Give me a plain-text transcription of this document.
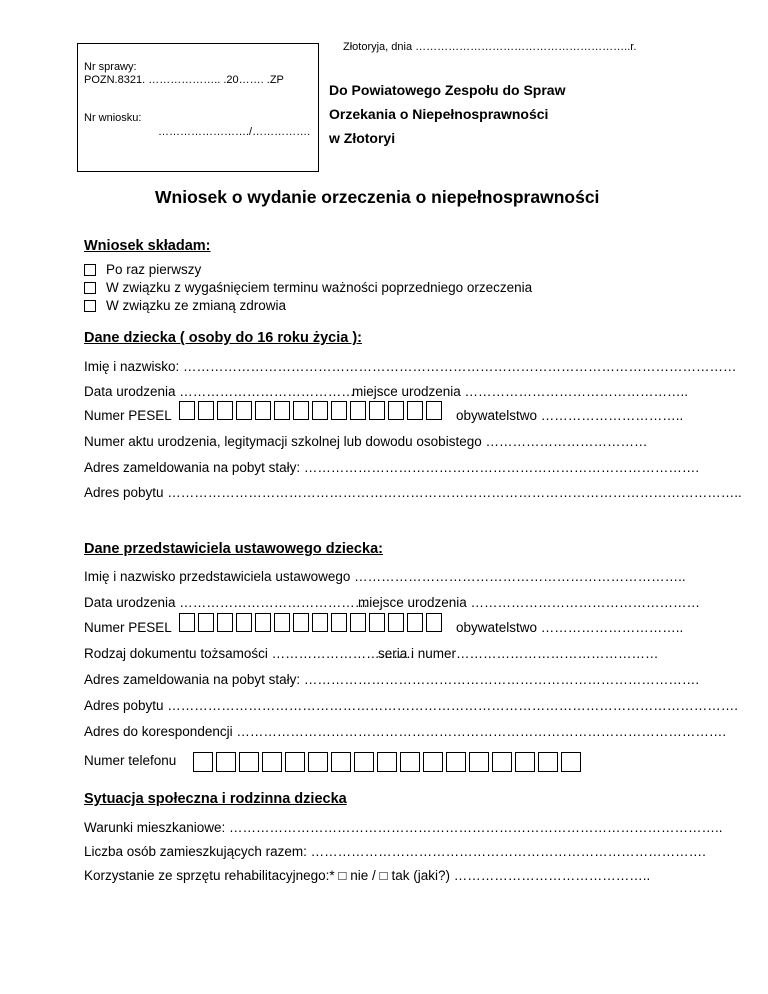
Złotoryja, dnia …………………………………………………..r.
Nr sprawy:
POZN.8321. ……………….. .20……. .ZP
Nr wniosku:
……………………./…………….
Do Powiatowego Zespołu do Spraw
Orzekania o Niepełnosprawności
w Złotoryi
Wniosek o wydanie orzeczenia o niepełnosprawności
Wniosek składam:
Po raz pierwszy
W związku z wygaśnięciem terminu ważności poprzedniego orzeczenia
W związku ze zmianą zdrowia
Dane dziecka ( osoby do 16 roku życia ):
Imię i nazwisko: ……………………………………………………………………………………………………………
Data urodzenia …………………………………
miejsce urodzenia …………………………………………..
Numer PESEL	obywatelstwo …………………………..
Numer aktu urodzenia, legitymacji szkolnej lub dowodu osobistego ………………………………
Adres zameldowania na pobyt stały: …………………………………………………………………………….
Adres pobytu ………………………………………………………………………………………………………………..
Dane przedstawiciela ustawowego dziecka:
Imię i nazwisko przedstawiciela ustawowego ………………………………………………………………..
Data urodzenia ……………………………………
miejsce urodzenia ……………………………………………
Numer PESEL	obywatelstwo …………………………..
Rodzaj dokumentu tożsamości …………………………..
seria i numer………………………………………
Adres zameldowania na pobyt stały: …………………………………………………………………………….
Adres pobytu ……………………………………………………………………………………………………………….
Adres do korespondencji ……………………………………………………………………………………………….
Numer telefonu
Sytuacja społeczna i rodzinna dziecka
Warunki mieszkaniowe: ………………………………………………………………………………………………..
Liczba osób zamieszkujących razem: …………………………………………………………………………….
Korzystanie ze sprzętu rehabilitacyjnego:* □ nie / □ tak (jaki?) ……………………………………..
